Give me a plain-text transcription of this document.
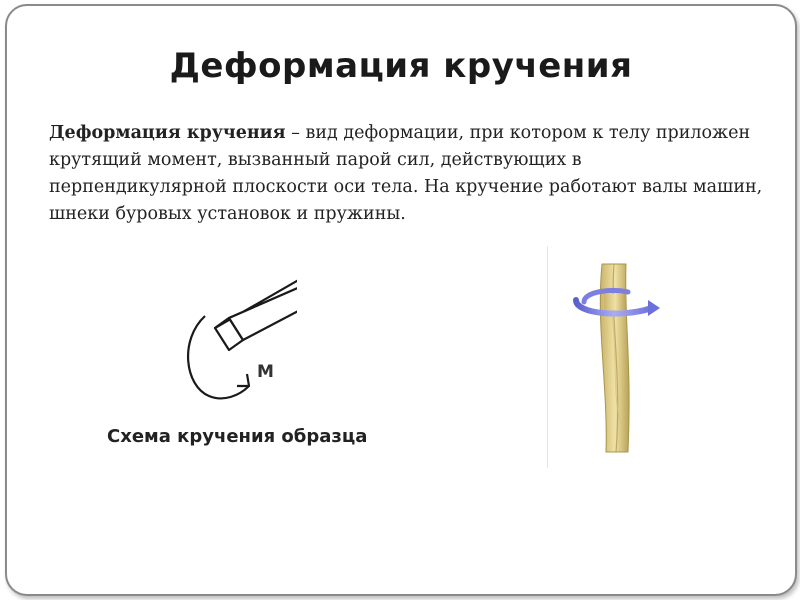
Деформация кручения
Деформация кручения – вид деформации, при котором к телу приложен крутящий момент, вызванный парой сил, действующих в перпендикулярной плоскости оси тела. На кручение работают валы машин, шнеки буровых установок и пружины.
M
Схема кручения образца
